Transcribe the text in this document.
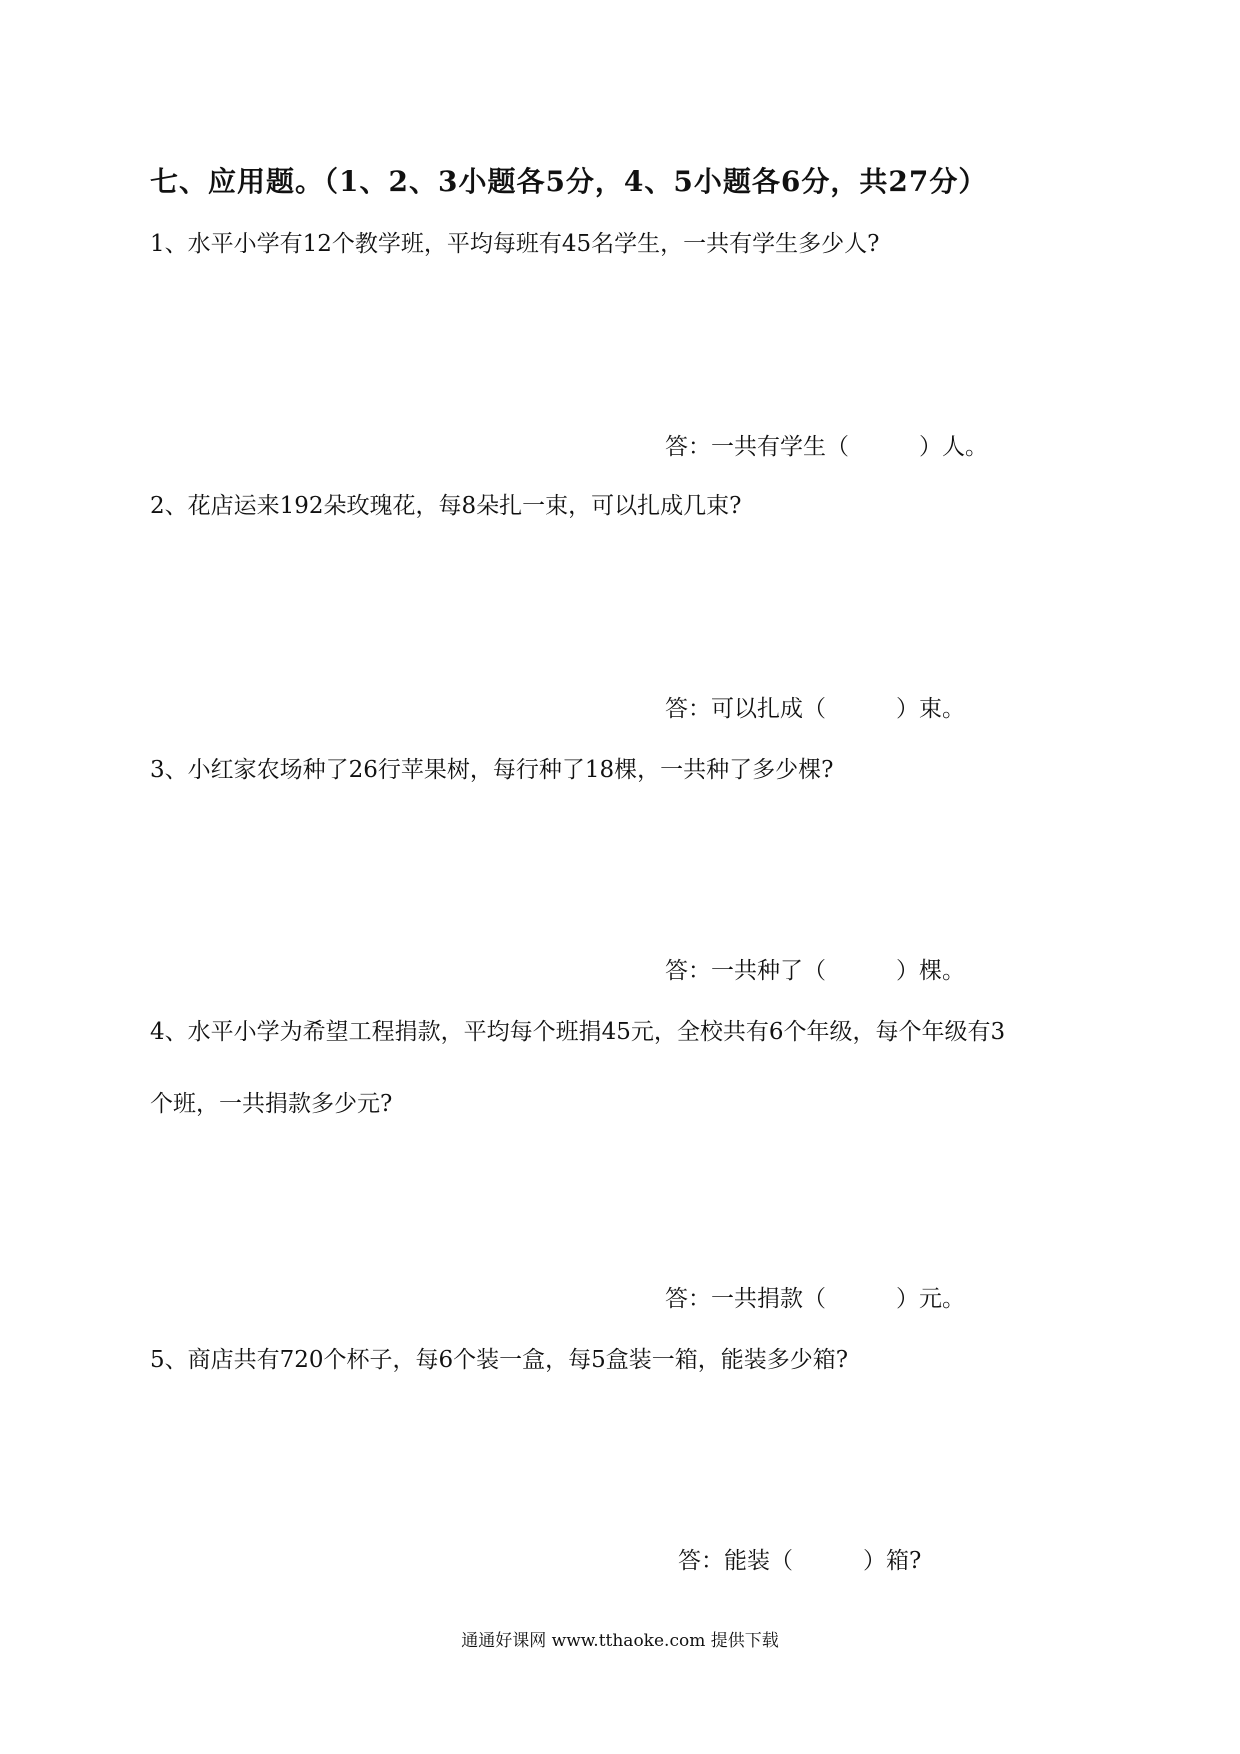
七、应用题。（1、2、3小题各5分，4、5小题各6分，共27分）
1、水平小学有12个教学班，平均每班有45名学生，一共有学生多少人?
答：一共有学生（	）人。
2、花店运来192朵玫瑰花，每8朵扎一束，可以扎成几束?
答：可以扎成（	）束。
3、小红家农场种了26行苹果树，每行种了18棵，一共种了多少棵?
答：一共种了（	）棵。
4、水平小学为希望工程捐款，平均每个班捐45元，全校共有6个年级，每个年级有3
个班，一共捐款多少元?
答：一共捐款（	）元。
5、商店共有720个杯子，每6个装一盒，每5盒装一箱，能装多少箱?
答：能装（	）箱?
通通好课网 www.tthaoke.com 提供下载
